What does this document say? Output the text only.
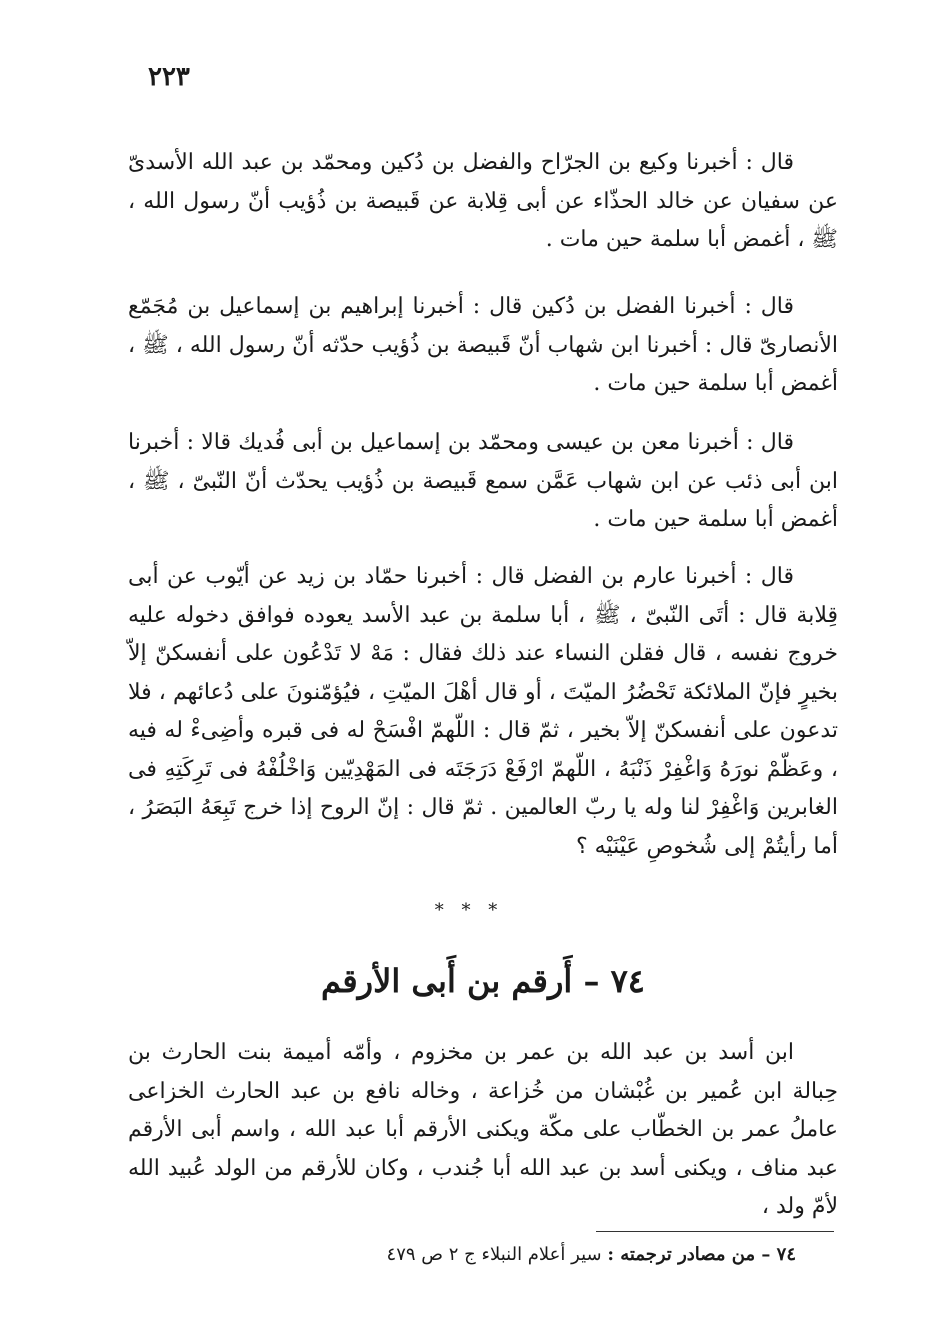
٢٢٣

قال : أخبرنا وكيع بن الجرّاح والفضل بن دُكين ومحمّد بن عبد الله الأسدىّ عن سفيان عن خالد الحذّاء عن أبى قِلابة عن قَبيصة بن ذُؤيب أنّ رسول الله ، ﷺ ، أغمض أبا سلمة حين مات .

قال : أخبرنا الفضل بن دُكين قال : أخبرنا إبراهيم بن إسماعيل بن مُجَمّع الأنصارىّ قال : أخبرنا ابن شهاب أنّ قَبيصة بن ذُؤيب حدّثه أنّ رسول الله ، ﷺ ، أغمض أبا سلمة حين مات .

قال : أخبرنا معن بن عيسى ومحمّد بن إسماعيل بن أبى فُديك قالا : أخبرنا ابن أبى ذئب عن ابن شهاب عَمَّن سمع قَبيصة بن ذُؤيب يحدّث أنّ النّبىّ ، ﷺ ، أغمض أبا سلمة حين مات .

قال : أخبرنا عارم بن الفضل قال : أخبرنا حمّاد بن زيد عن أيّوب عن أبى قِلابة قال : أتَى النّبىّ ، ﷺ ، أبا سلمة بن عبد الأسد يعوده فوافق دخوله عليه خروج نفسه ، قال فقلن النساء عند ذلك فقال : مَهْ لا تَدْعُون على أنفسكنّ إلاّ بخيرٍ فإنّ الملائكة تَحْضُرُ الميّتَ ، أو قال أهْلَ الميّتِ ، فيُؤمّنونَ على دُعائهم ، فلا تدعون على أنفسكنّ إلاّ بخير ، ثمّ قال : اللّهمّ افْسَحْ له فى قبره وأضِىءْ له فيه ، وعَظّمْ نورَهُ وَاغْفِرْ ذَنْبَهُ ، اللّهمّ ارْفَعْ دَرَجَتَه فى المَهْدِيّين وَاخْلُفْهُ فى تَرِكَتِهِ فى الغابرين وَاغْفِرْ لنا وله يا ربّ العالمين . ثمّ قال : إنّ الروح إذا خرج تَبِعَهُ البَصَرُ ، أما رأيتُمْ إلى شُخوصِ عَيْنَيْه ؟

* * *
٧٤ – أَرقم بن أَبى الأرقم

ابن أسد بن عبد الله بن عمر بن مخزوم ، وأمّه أميمة بنت الحارث بن حِبالة ابن عُمير بن غُبْشان من خُزاعة ، وخاله نافع بن عبد الحارث الخزاعى عاملُ عمر بن الخطّاب على مكّة ويكنى الأرقم أبا عبد الله ، واسم أبى الأرقم عبد مناف ، ويكنى أسد بن عبد الله أبا جُندب ، وكان للأرقم من الولد عُبيد الله لأمّ ولد ،

٧٤ – من مصادر ترجمته : سير أعلام النبلاء ج ٢ ص ٤٧٩
